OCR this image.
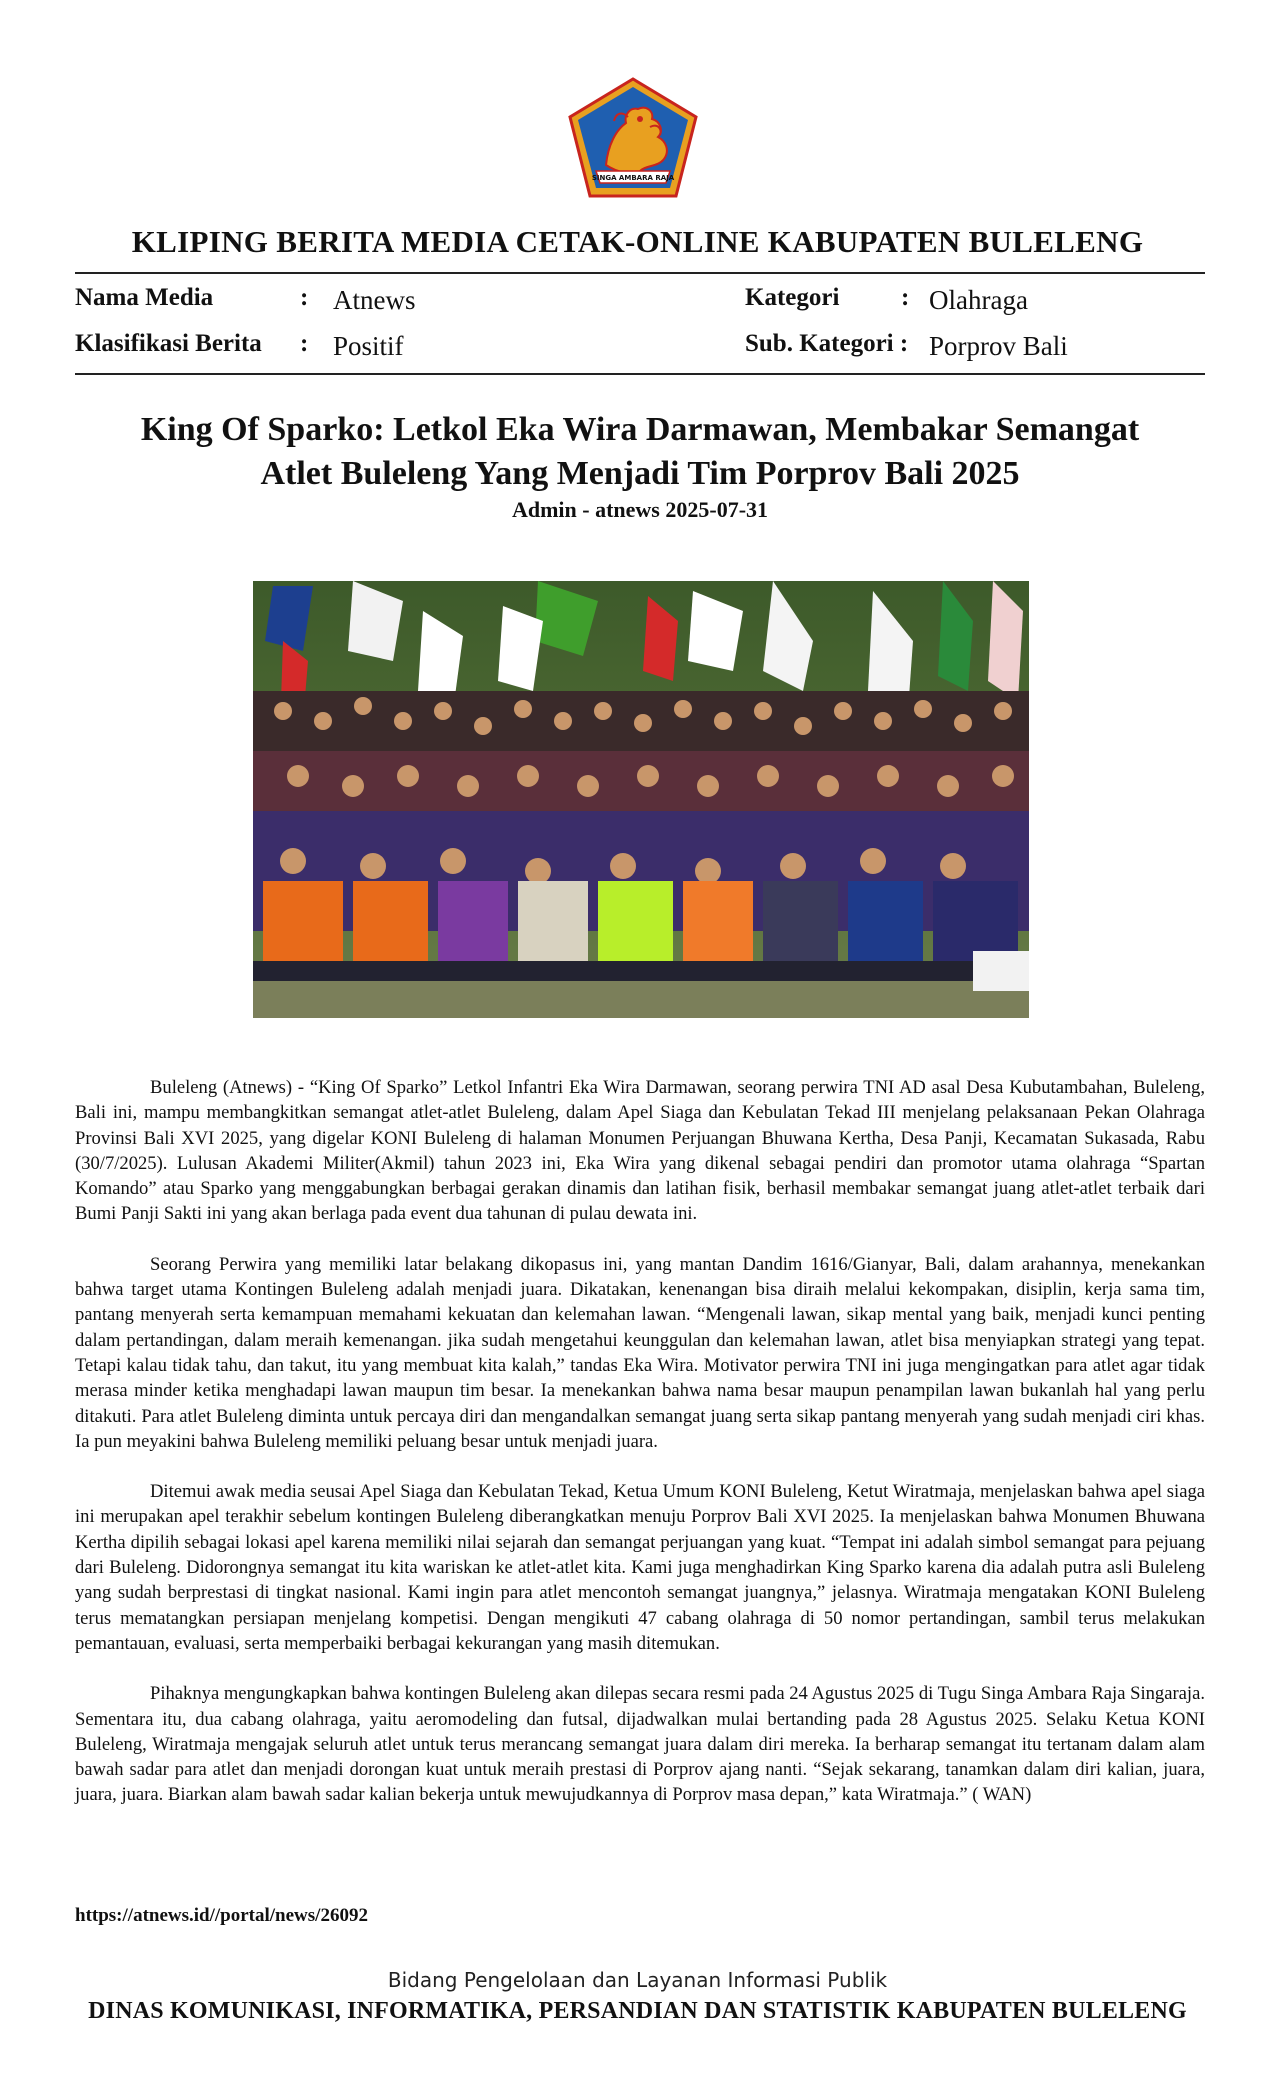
SINGA AMBARA RAJA
KLIPING BERITA MEDIA CETAK-ONLINE KABUPATEN BULELENG
Nama Media	: Atnews
Klasifikasi Berita : Positif
Kategori : Olahraga
Sub. Kategori : Porprov Bali
King Of Sparko: Letkol Eka Wira Darmawan, Membakar Semangat
Atlet Buleleng Yang Menjadi Tim Porprov Bali 2025
Admin - atnews 2025-07-31

Buleleng (Atnews) - “King Of Sparko” Letkol Infantri Eka Wira Darmawan, seorang perwira TNI AD asal Desa Kubutambahan, Buleleng, Bali ini, mampu membangkitkan semangat atlet-atlet Buleleng, dalam Apel Siaga dan Kebulatan Tekad III menjelang pelaksanaan Pekan Olahraga Provinsi Bali XVI 2025, yang digelar KONI Buleleng di halaman Monumen Perjuangan Bhuwana Kertha, Desa Panji, Kecamatan Sukasada, Rabu (30/7/2025). Lulusan Akademi Militer(Akmil) tahun 2023 ini, Eka Wira yang dikenal sebagai pendiri dan promotor utama olahraga “Spartan Komando” atau Sparko yang menggabungkan berbagai gerakan dinamis dan latihan fisik, berhasil membakar semangat juang atlet-atlet terbaik dari Bumi Panji Sakti ini yang akan berlaga pada event dua tahunan di pulau dewata ini.

Seorang Perwira yang memiliki latar belakang dikopasus ini, yang mantan Dandim 1616/Gianyar, Bali, dalam arahannya, menekankan bahwa target utama Kontingen Buleleng adalah menjadi juara. Dikatakan, kenenangan bisa diraih melalui kekompakan, disiplin, kerja sama tim, pantang menyerah serta kemampuan memahami kekuatan dan kelemahan lawan. “Mengenali lawan, sikap mental yang baik, menjadi kunci penting dalam pertandingan, dalam meraih kemenangan. jika sudah mengetahui keunggulan dan kelemahan lawan, atlet bisa menyiapkan strategi yang tepat. Tetapi kalau tidak tahu, dan takut, itu yang membuat kita kalah,” tandas Eka Wira. Motivator perwira TNI ini juga mengingatkan para atlet agar tidak merasa minder ketika menghadapi lawan maupun tim besar. Ia menekankan bahwa nama besar maupun penampilan lawan bukanlah hal yang perlu ditakuti. Para atlet Buleleng diminta untuk percaya diri dan mengandalkan semangat juang serta sikap pantang menyerah yang sudah menjadi ciri khas. Ia pun meyakini bahwa Buleleng memiliki peluang besar untuk menjadi juara.

Ditemui awak media seusai Apel Siaga dan Kebulatan Tekad, Ketua Umum KONI Buleleng, Ketut Wiratmaja, menjelaskan bahwa apel siaga ini merupakan apel terakhir sebelum kontingen Buleleng diberangkatkan menuju Porprov Bali XVI 2025. Ia menjelaskan bahwa Monumen Bhuwana Kertha dipilih sebagai lokasi apel karena memiliki nilai sejarah dan semangat perjuangan yang kuat. “Tempat ini adalah simbol semangat para pejuang dari Buleleng. Didorongnya semangat itu kita wariskan ke atlet-atlet kita. Kami juga menghadirkan King Sparko karena dia adalah putra asli Buleleng yang sudah berprestasi di tingkat nasional. Kami ingin para atlet mencontoh semangat juangnya,” jelasnya. Wiratmaja mengatakan KONI Buleleng terus mematangkan persiapan menjelang kompetisi. Dengan mengikuti 47 cabang olahraga di 50 nomor pertandingan, sambil terus melakukan pemantauan, evaluasi, serta memperbaiki berbagai kekurangan yang masih ditemukan.

Pihaknya mengungkapkan bahwa kontingen Buleleng akan dilepas secara resmi pada 24 Agustus 2025 di Tugu Singa Ambara Raja Singaraja. Sementara itu, dua cabang olahraga, yaitu aeromodeling dan futsal, dijadwalkan mulai bertanding pada 28 Agustus 2025. Selaku Ketua KONI Buleleng, Wiratmaja mengajak seluruh atlet untuk terus merancang semangat juara dalam diri mereka. Ia berharap semangat itu tertanam dalam alam bawah sadar para atlet dan menjadi dorongan kuat untuk meraih prestasi di Porprov ajang nanti. “Sejak sekarang, tanamkan dalam diri kalian, juara, juara, juara. Biarkan alam bawah sadar kalian bekerja untuk mewujudkannya di Porprov masa depan,” kata Wiratmaja.” ( WAN)

https://atnews.id//portal/news/26092
Bidang Pengelolaan dan Layanan Informasi Publik
DINAS KOMUNIKASI, INFORMATIKA, PERSANDIAN DAN STATISTIK KABUPATEN BULELENG
